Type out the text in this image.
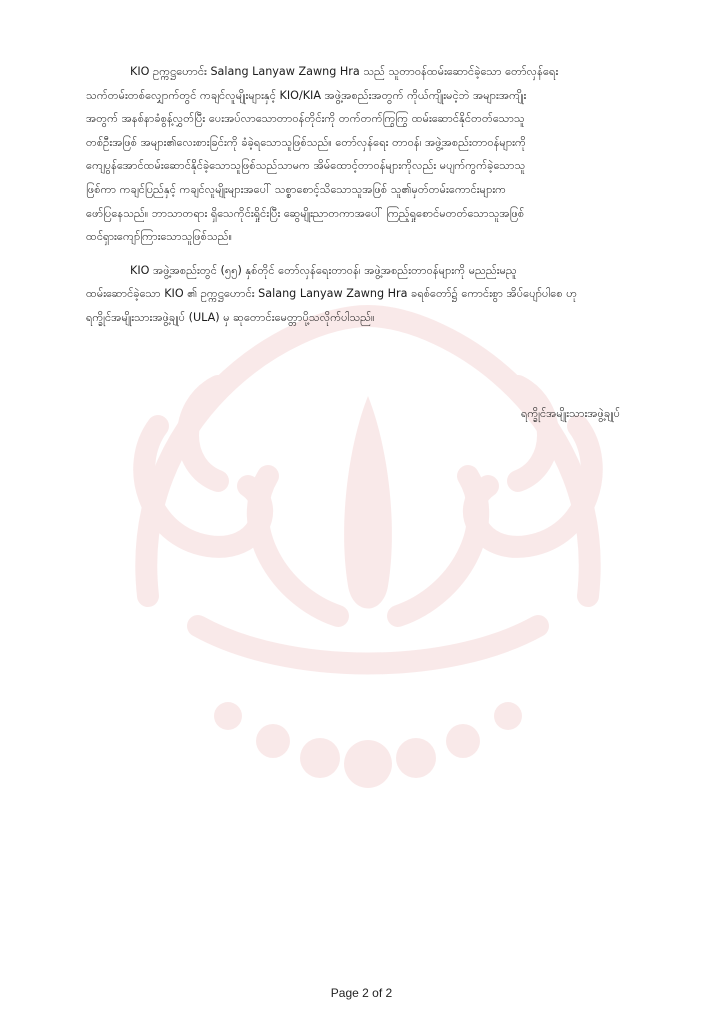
KIO ဥက္ကဋ္ဌဟောင်း Salang Lanyaw Zawng Hra သည် သူတာဝန်ထမ်းဆောင်ခဲ့သော တော်လှန်ရေး
သက်တမ်းတစ်လျှောက်တွင် ကချင်လူမျိုးများနှင့် KIO/KIA အဖွဲ့အစည်းအတွက် ကိုယ်ကျိုးမငဲ့ဘဲ အများအကျိုး
အတွက် အနစ်နာခံစွန့်လွှတ်ပြီး ပေးအပ်လာသောတာဝန်တိုင်းကို တက်တက်ကြွကြွ ထမ်းဆောင်နိုင်တတ်သောသူ
တစ်ဦးအဖြစ် အများ၏လေးစားခြင်းကို ခံခဲ့ရသောသူဖြစ်သည်။ တော်လှန်ရေး တာဝန်၊ အဖွဲ့အစည်းတာဝန်များကို
ကျေပွန်အောင်ထမ်းဆောင်နိုင်ခဲ့သောသူဖြစ်သည်သာမက အိမ်ထောင့်တာဝန်များကိုလည်း မပျက်ကွက်ခဲ့သောသူ
ဖြစ်ကာ ကချင်ပြည်နှင့် ကချင်လူမျိုးများအပေါ် သစ္စာစောင့်သိသောသူအဖြစ် သူ၏မှတ်တမ်းကောင်းများက
ဖော်ပြနေသည်။ ဘာသာတရား ရှိသေကိုင်းရှိုင်းပြီး ဆွေမျိုးညာတကာအပေါ် ကြည့်ရှုစောင်မတတ်သောသူအဖြစ်
ထင်ရှားကျော်ကြားသောသူဖြစ်သည်။

KIO အဖွဲ့အစည်းတွင် (၅၅) နှစ်တိုင် တော်လှန်ရေးတာဝန်၊ အဖွဲ့အစည်းတာဝန်များကို မညည်းမညူ
ထမ်းဆောင်ခဲ့သော KIO ၏ ဥက္ကဋ္ဌဟောင်း Salang Lanyaw Zawng Hra ခရစ်တော်၌ ကောင်းစွာ အိပ်ပျော်ပါစေ ဟု
ရက္ခိုင်အမျိုးသားအဖွဲ့ချုပ် (ULA) မှ ဆုတောင်းမေတ္တာပို့သလိုက်ပါသည်။

ရက္ခိုင်အမျိုးသားအဖွဲ့ချုပ်
Page 2 of 2
